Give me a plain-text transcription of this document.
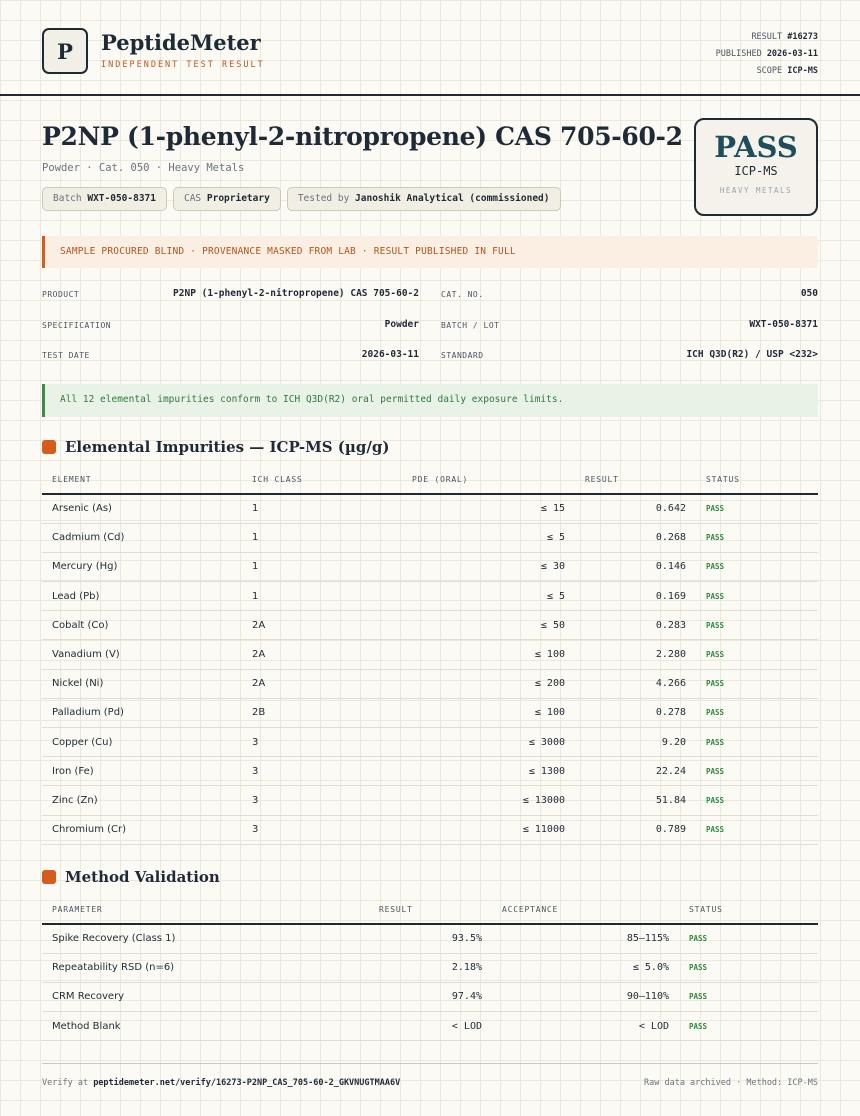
P	PeptideMeter
INDEPENDENT TEST RESULT
RESULT #16273
PUBLISHED 2026-03-11
SCOPE ICP-MS
P2NP (1-phenyl-2-nitropropene) CAS 705-60-2
Powder · Cat. 050 · Heavy Metals
Batch WXT-050-8371	CAS Proprietary	Tested by Janoshik Analytical (commissioned)
PASS
ICP-MS
HEAVY METALS
SAMPLE PROCURED BLIND · PROVENANCE MASKED FROM LAB · RESULT PUBLISHED IN FULL
PRODUCT	P2NP (1-phenyl-2-nitropropene) CAS 705-60-2	CAT. NO.	050
SPECIFICATION	Powder	BATCH / LOT	WXT-050-8371
TEST DATE	2026-03-11	STANDARD	ICH Q3D(R2) / USP <232>
All 12 elemental impurities conform to ICH Q3D(R2) oral permitted daily exposure limits.
Elemental Impurities — ICP-MS (µg/g)
ELEMENT	ICH CLASS	PDE (ORAL)	RESULT	STATUS
Arsenic (As)	1	≤ 15	0.642	PASS
Cadmium (Cd)	1	≤ 5	0.268	PASS
Mercury (Hg)	1	≤ 30	0.146	PASS
Lead (Pb)	1	≤ 5	0.169	PASS
Cobalt (Co)	2A	≤ 50	0.283	PASS
Vanadium (V)	2A	≤ 100	2.280	PASS
Nickel (Ni)	2A	≤ 200	4.266	PASS
Palladium (Pd)	2B	≤ 100	0.278	PASS
Copper (Cu)	3	≤ 3000	9.20	PASS
Iron (Fe)	3	≤ 1300	22.24	PASS
Zinc (Zn)	3	≤ 13000	51.84	PASS
Chromium (Cr)	3	≤ 11000	0.789	PASS
Method Validation
PARAMETER	RESULT	ACCEPTANCE	STATUS
Spike Recovery (Class 1)	93.5%	85–115%	PASS
Repeatability RSD (n=6)	2.18%	≤ 5.0%	PASS
CRM Recovery	97.4%	90–110%	PASS
Method Blank	< LOD	< LOD	PASS
Verify at peptidemeter.net/verify/16273-P2NP_CAS_705-60-2_GKVNUGTMAA6V	Raw data archived · Method: ICP-MS
